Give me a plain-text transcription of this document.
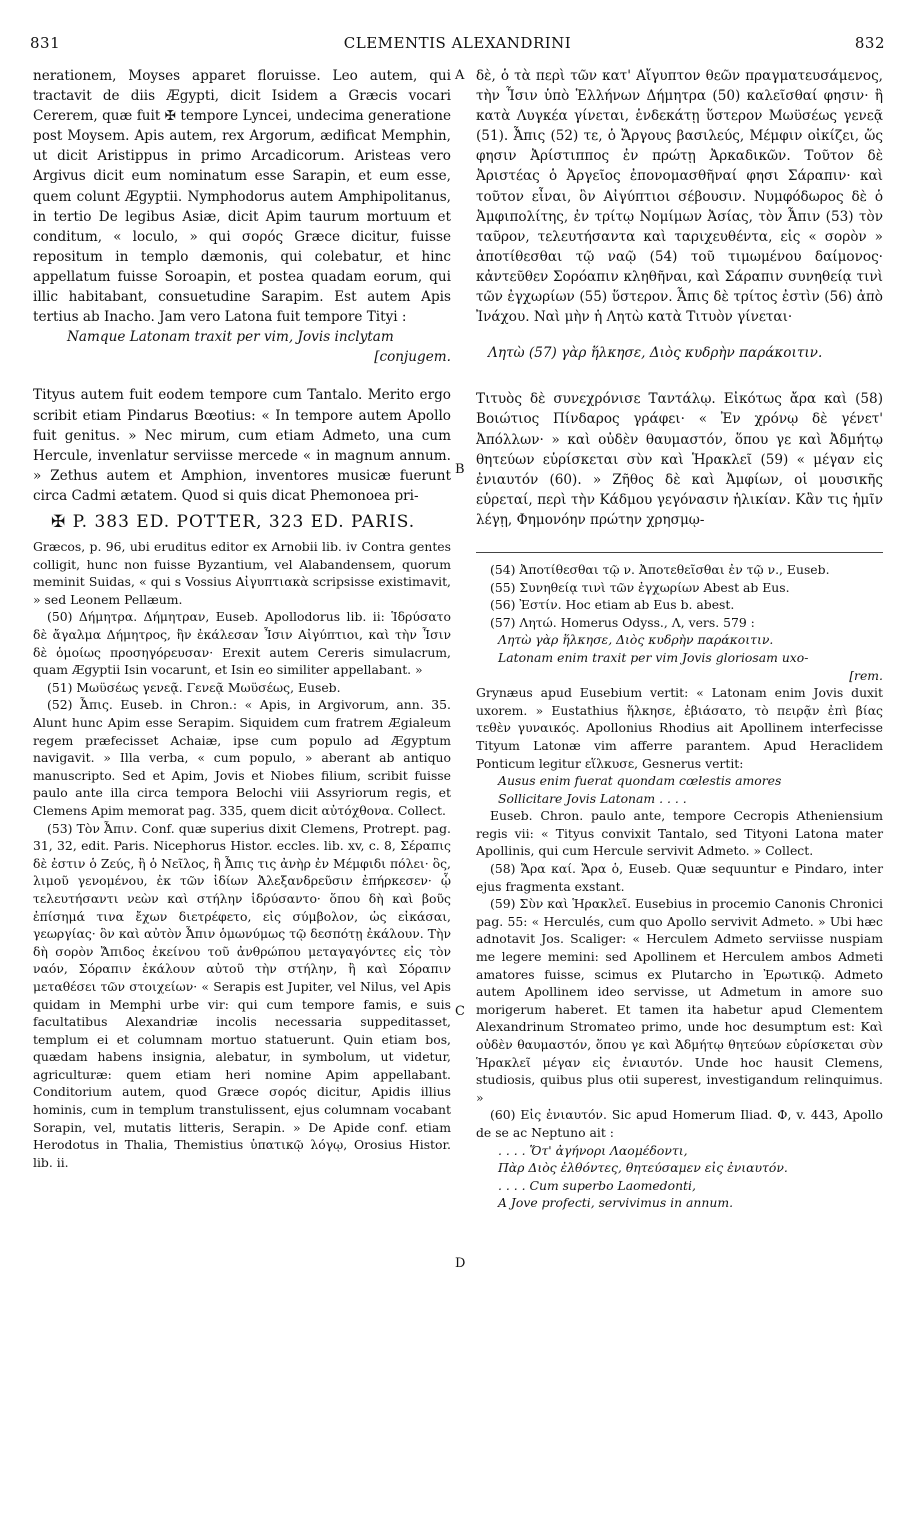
831	CLEMENTIS ALEXANDRINI	832
A
B
C
D

nerationem, Moyses apparet floruisse. Leo autem, qui tractavit de diis Ægypti, dicit Isidem a Græcis vocari Cererem, quæ fuit ✠ tempore Lyncei, undecima generatione post Moysem. Apis autem, rex Argorum, ædificat Memphin, ut dicit Aristippus in primo Arcadicorum. Aristeas vero Argivus dicit eum nominatum esse Sarapin, et eum esse, quem colunt Ægyptii. Nymphodorus autem Amphipolitanus, in tertio De legibus Asiæ, dicit Apim taurum mortuum et conditum, « loculo, » qui σορός Græce dicitur, fuisse repositum in templo dæmonis, qui colebatur, et hinc appellatum fuisse Soroapin, et postea quadam eorum, qui illic habitabant, consuetudine Sarapim. Est autem Apis tertius ab Inacho. Jam vero Latona fuit tempore Tityi :

Namque Latonam traxit per vim, Jovis inclytam

[conjugem.

Tityus autem fuit eodem tempore cum Tantalo. Merito ergo scribit etiam Pindarus Bœotius: « In tempore autem Apollo fuit genitus. » Nec mirum, cum etiam Admeto, una cum Hercule, invenlatur serviisse mercede « in magnum annum. » Zethus autem et Amphion, inventores musicæ fuerunt circa Cadmi ætatem. Quod si quis dicat Phemonoea pri-

✠ P. 383 ED. POTTER, 323 ED. PARIS.

Græcos, p. 96, ubi eruditus editor ex Arnobii lib. iv Contra gentes colligit, hunc non fuisse Byzantium, vel Alabandensem, quorum meminit Suidas, « qui s Vossius Αἰγυπτιακὰ scripsisse existimavit, » sed Leonem Pellæum.

(50) Δήμητρα. Δήμητραν, Euseb. Apollodorus lib. ii: Ἱδρύσατο δὲ ἄγαλμα Δήμητρος, ἣν ἐκάλεσαν Ἶσιν Αἰγύπτιοι, καὶ τὴν Ἶσιν δὲ ὁμοίως προσηγόρευσαν· Erexit autem Cereris simulacrum, quam Ægyptii Isin vocarunt, et Isin eo similiter appellabant. »

(51) Μωϋσέως γενεᾷ. Γενεᾷ Μωϋσέως, Euseb.

(52) Ἆπις. Euseb. in Chron.: « Apis, in Argivorum, ann. 35. Alunt hunc Apim esse Serapim. Siquidem cum fratrem Ægialeum regem præfecisset Achaiæ, ipse cum populo ad Ægyptum navigavit. » Illa verba, « cum populo, » aberant ab antiquo manuscripto. Sed et Apim, Jovis et Niobes filium, scribit fuisse paulo ante illa circa tempora Belochi viii Assyriorum regis, et Clemens Apim memorat pag. 335, quem dicit αὐτόχθονα. Collect.

(53) Τὸν Ἆπιν. Conf. quæ superius dixit Clemens, Protrept. pag. 31, 32, edit. Paris. Nicephorus Histor. eccles. lib. xv, c. 8, Σέραπις δὲ ἐστιν ὁ Ζεύς, ἢ ὁ Νεῖλος, ἢ Ἆπις τις ἀνὴρ ἐν Μέμφιδι πόλει· ὃς, λιμοῦ γενομένου, ἐκ τῶν ἰδίων Ἀλεξανδρεῦσιν ἐπήρκεσεν· ᾧ τελευτήσαντι νεὼν καὶ στήλην ἱδρύσαντο· ὅπου δὴ καὶ βοῦς ἐπίσημά τινα ἔχων διετρέφετο, εἰς σύμβολον, ὡς εἰκάσαι, γεωργίας· ὃν καὶ αὐτὸν Ἆπιν ὁμωνύμως τῷ δεσπότῃ ἐκάλουν. Τὴν δὴ σορὸν Ἄπιδος ἐκείνου τοῦ ἀνθρώπου μεταγαγόντες εἰς τὸν ναόν, Σόραπιν ἐκάλουν αὐτοῦ τὴν στήλην, ἢ καὶ Σόραπιν μεταθέσει τῶν στοιχείων· « Serapis est Jupiter, vel Nilus, vel Apis quidam in Memphi urbe vir: qui cum tempore famis, e suis facultatibus Alexandriæ incolis necessaria suppeditasset, templum ei et columnam mortuo statuerunt. Quin etiam bos, quædam habens insignia, alebatur, in symbolum, ut videtur, agriculturæ: quem etiam heri nomine Apim appellabant. Conditorium autem, quod Græce σορός dicitur, Apidis illius hominis, cum in templum transtulissent, ejus columnam vocabant Sorapin, vel, mutatis litteris, Serapin. » De Apide conf. etiam Herodotus in Thalia, Themistius ὑπατικῷ λόγῳ, Orosius Histor. lib. ii.

δὲ, ὁ τὰ περὶ τῶν κατ' Αἴγυπτον θεῶν πραγματευσάμενος, τὴν Ἶσιν ὑπὸ Ἑλλήνων Δήμητρα (50) καλεῖσθαί φησιν· ἣ κατὰ Λυγκέα γίνεται, ἑνδεκάτῃ ὕστερον Μωϋσέως γενεᾷ (51). Ἆπις (52) τε, ὁ Ἄργους βασιλεύς, Μέμφιν οἰκίζει, ὥς φησιν Ἀρίστιππος ἐν πρώτῃ Ἀρκαδικῶν. Τοῦτον δὲ Ἀριστέας ὁ Ἀργεῖος ἐπονομασθῆναί φησι Σάραπιν· καὶ τοῦτον εἶναι, ὃν Αἰγύπτιοι σέβουσιν. Νυμφόδωρος δὲ ὁ Ἀμφιπολίτης, ἐν τρίτῳ Νομίμων Ἀσίας, τὸν Ἆπιν (53) τὸν ταῦρον, τελευτήσαντα καὶ ταριχευθέντα, εἰς « σορὸν » ἀποτίθεσθαι τῷ ναῷ (54) τοῦ τιμωμένου δαίμονος· κἀντεῦθεν Σορόαπιν κληθῆναι, καὶ Σάραπιν συνηθείᾳ τινὶ τῶν ἐγχωρίων (55) ὕστερον. Ἆπις δὲ τρίτος ἐστὶν (56) ἀπὸ Ἰνάχου. Ναὶ μὴν ἡ Λητὼ κατὰ Τιτυὸν γίνεται·

Λητὼ (57) γὰρ ἥλκησε, Διὸς κυδρὴν παράκοιτιν.

Τιτυὸς δὲ συνεχρόνισε Ταντάλῳ. Εἰκότως ἄρα καὶ (58) Βοιώτιος Πίνδαρος γράφει· « Ἐν χρόνῳ δὲ γένετ' Ἀπόλλων· » καὶ οὐδὲν θαυμαστόν, ὅπου γε καὶ Ἀδμήτῳ θητεύων εὑρίσκεται σὺν καὶ Ἡρακλεῖ (59) « μέγαν εἰς ἐνιαυτόν (60). » Ζῆθος δὲ καὶ Ἀμφίων, οἱ μουσικῆς εὑρεταί, περὶ τὴν Κάδμου γεγόνασιν ἡλικίαν. Κἂν τις ἡμῖν λέγῃ, Φημονόην πρώτην χρησμῳ-

(54) Ἀποτίθεσθαι τῷ ν. Ἀποτεθεῖσθαι ἐν τῷ ν., Euseb.

(55) Συνηθείᾳ τινὶ τῶν ἐγχωρίων Abest ab Eus.

(56) Ἐστίν. Hoc etiam ab Eus b. abest.

(57) Λητώ. Homerus Odyss., Λ, vers. 579 :

Λητὼ γὰρ ἥλκησε, Διὸς κυδρὴν παράκοιτιν.

Latonam enim traxit per vim Jovis gloriosam uxo-

[rem.

Grynæus apud Eusebium vertit: « Latonam enim Jovis duxit uxorem. » Eustathius ἥλκησε, ἐβιάσατο, τὸ πειρᾷν ἐπὶ βίας τεθὲν γυναικός. Apollonius Rhodius ait Apollinem interfecisse Tityum Latonæ vim afferre parantem. Apud Heraclidem Ponticum legitur εἵλκυσε, Gesnerus vertit:

Ausus enim fuerat quondam cœlestis amores

Sollicitare Jovis Latonam . . . .

Euseb. Chron. paulo ante, tempore Cecropis Atheniensium regis vii: « Tityus convixit Tantalo, sed Tityoni Latona mater Apollinis, qui cum Hercule servivit Admeto. » Collect.

(58) Ἄρα καί. Ἄρα ὁ, Euseb. Quæ sequuntur e Pindaro, inter ejus fragmenta exstant.

(59) Σὺν καὶ Ἡρακλεῖ. Eusebius in procemio Canonis Chronici pag. 55: « Herculés, cum quo Apollo servivit Admeto. » Ubi hæc adnotavit Jos. Scaliger: « Herculem Admeto serviisse nuspiam me legere memini: sed Apollinem et Herculem ambos Admeti amatores fuisse, scimus ex Plutarcho in Ἐρωτικῷ. Admeto autem Apollinem ideo servisse, ut Admetum in amore suo morigerum haberet. Et tamen ita habetur apud Clementem Alexandrinum Stromateo primo, unde hoc desumptum est: Καὶ οὐδὲν θαυμαστόν, ὅπου γε καὶ Ἀδμήτῳ θητεύων εὑρίσκεται σὺν Ἡρακλεῖ μέγαν εἰς ἐνιαυτόν. Unde hoc hausit Clemens, studiosis, quibus plus otii superest, investigandum relinquimus. »

(60) Εἰς ἐνιαυτόν. Sic apud Homerum Iliad. Φ, v. 443, Apollo de se ac Neptuno ait :

. . . . Ὅτ' ἀγήνορι Λαομέδοντι,

Πὰρ Διὸς ἐλθόντες, θητεύσαμεν εἰς ἐνιαυτόν.

. . . . Cum superbo Laomedonti,

A Jove profecti, servivimus in annum.
